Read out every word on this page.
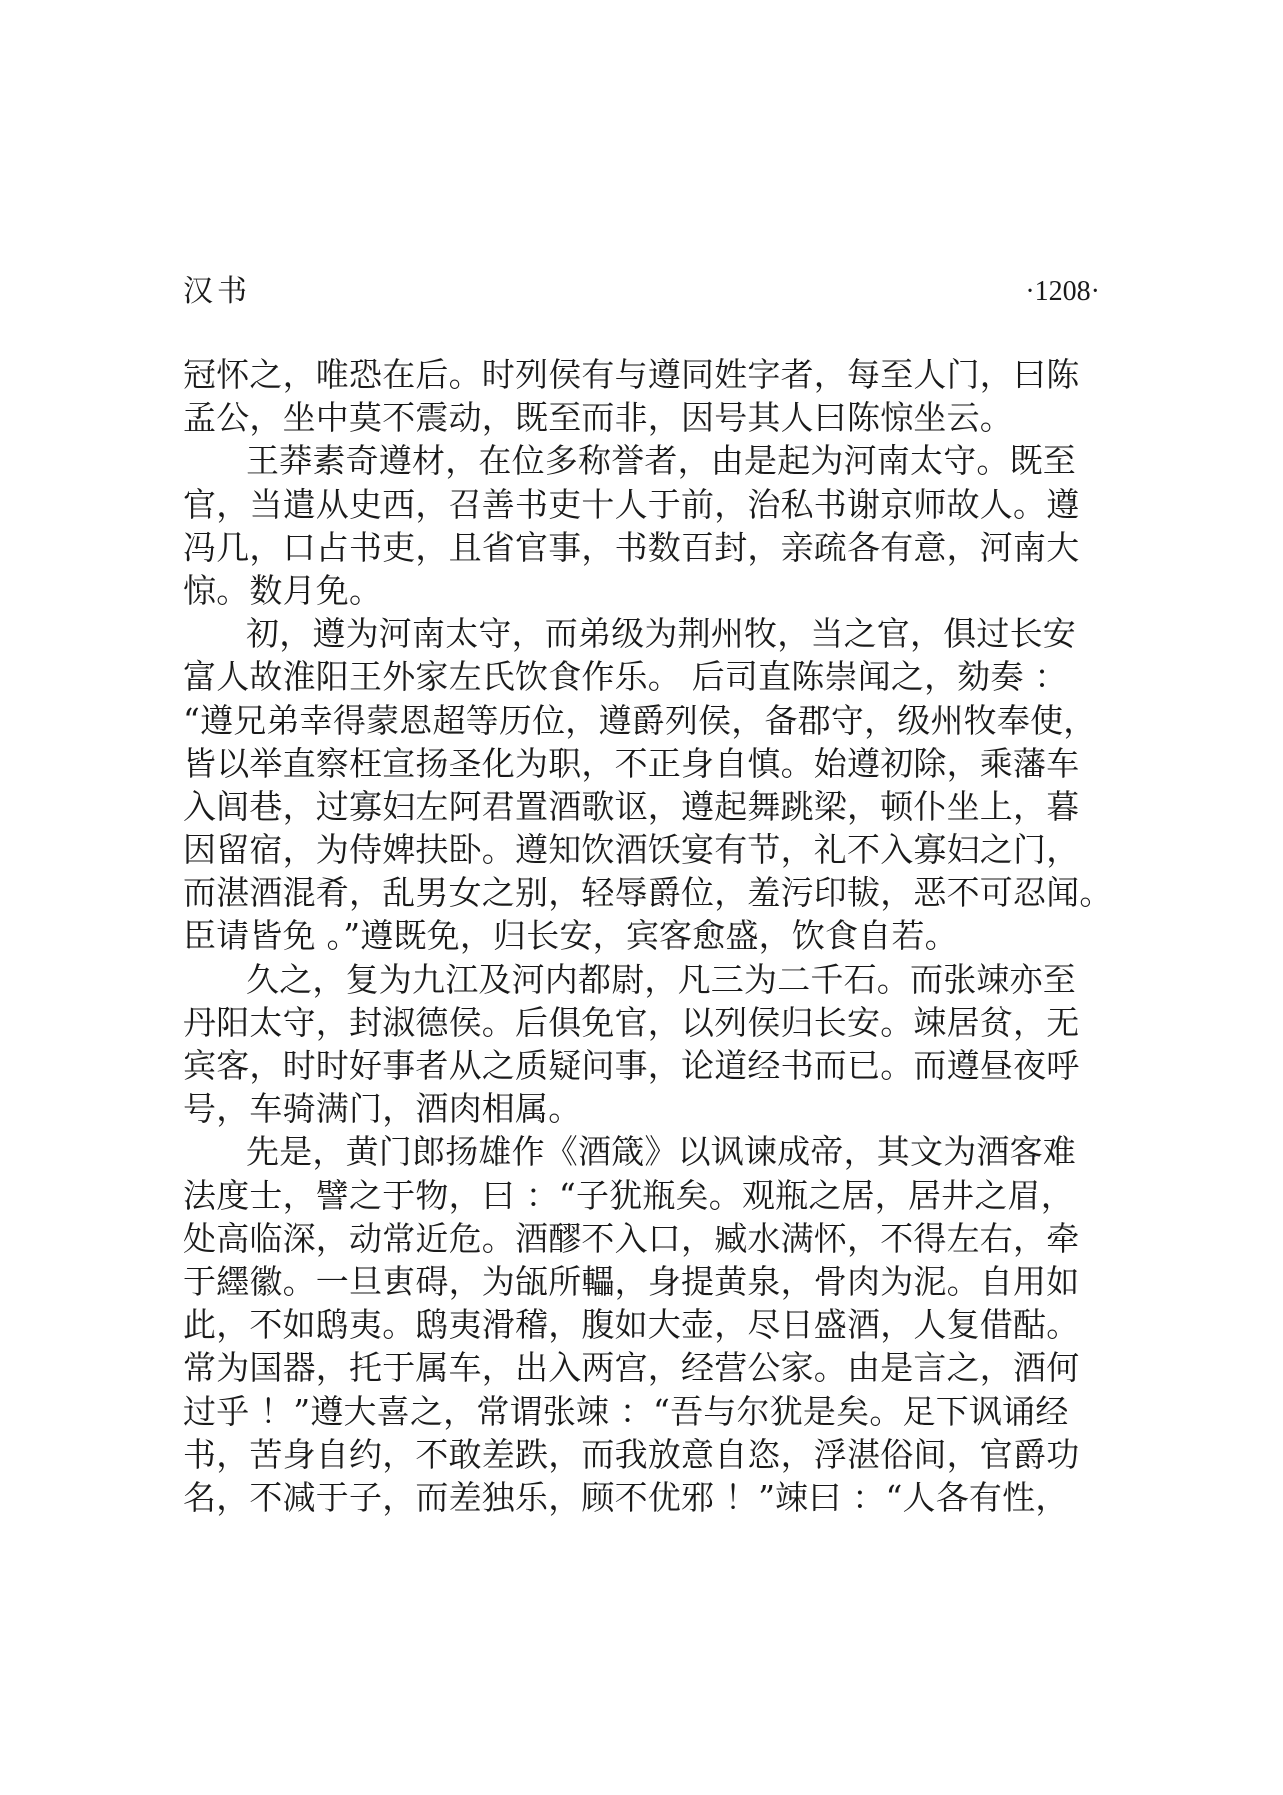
汉书	·1208·
冠怀之，唯恐在后。时列侯有与遵同姓字者，每至人门，曰陈
孟公，坐中莫不震动，既至而非，因号其人曰陈惊坐云。
王莽素奇遵材，在位多称誉者，由是起为河南太守。既至
官，当遣从史西，召善书吏十人于前，治私书谢京师故人。遵
冯几，口占书吏，且省官事，书数百封，亲疏各有意，河南大
惊。数月免。
初，遵为河南太守，而弟级为荆州牧，当之官，俱过长安
富人故淮阳王外家左氏饮食作乐。 后司直陈崇闻之，劾奏 ：
“遵兄弟幸得蒙恩超等历位，遵爵列侯，备郡守，级州牧奉使，
皆以举直察枉宣扬圣化为职，不正身自慎。始遵初除，乘藩车
入闾巷，过寡妇左阿君置酒歌讴，遵起舞跳梁，顿仆坐上，暮
因留宿，为侍婢扶卧。遵知饮酒饫宴有节，礼不入寡妇之门，
而湛酒混肴，乱男女之别，轻辱爵位，羞污印韨，恶不可忍闻。
臣请皆免 。”遵既免，归长安，宾客愈盛，饮食自若。
久之，复为九江及河内都尉，凡三为二千石。而张竦亦至
丹阳太守，封淑德侯。后俱免官，以列侯归长安。竦居贫，无
宾客，时时好事者从之质疑问事，论道经书而已。而遵昼夜呼
号，车骑满门，酒肉相属。
先是，黄门郎扬雄作《酒箴》以讽谏成帝，其文为酒客难
法度士，譬之于物，曰 ：“子犹瓶矣。观瓶之居，居井之眉，
处高临深，动常近危。酒醪不入口，臧水满怀，不得左右，牵
于纆徽。一旦叀碍，为瓵所轠，身提黄泉，骨肉为泥。自用如
此，不如鸱夷。鸱夷滑稽，腹如大壶，尽日盛酒，人复借酤。
常为国器，托于属车，出入两宫，经营公家。由是言之，酒何
过乎 ！”遵大喜之，常谓张竦 ：“吾与尔犹是矣。足下讽诵经
书，苦身自约，不敢差跌，而我放意自恣，浮湛俗间，官爵功
名，不减于子，而差独乐，顾不优邪 ！”竦曰 ：“人各有性，
